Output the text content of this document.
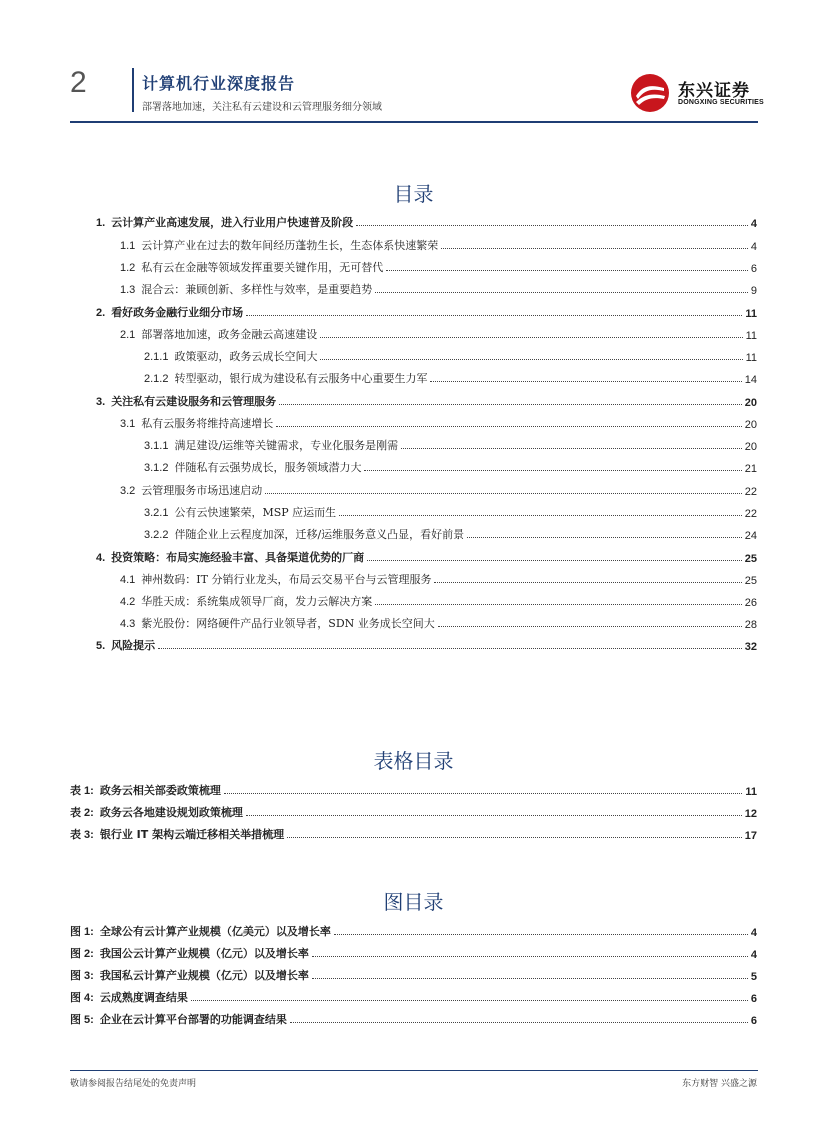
2	计算机行业深度报告
部署落地加速，关注私有云建设和云管理服务细分领域
东兴证券
DONGXING SECURITIES
目录
1. 云计算产业高速发展，进入行业用户快速普及阶段	4
1.1 云计算产业在过去的数年间经历蓬勃生长，生态体系快速繁荣	4
1.2 私有云在金融等领域发挥重要关键作用，无可替代	6
1.3 混合云：兼顾创新、多样性与效率，是重要趋势	9
2. 看好政务金融行业细分市场	11
2.1 部署落地加速，政务金融云高速建设	11
2.1.1 政策驱动，政务云成长空间大	11
2.1.2 转型驱动，银行成为建设私有云服务中心重要生力军	14
3. 关注私有云建设服务和云管理服务	20
3.1 私有云服务将维持高速增长	20
3.1.1 满足建设/运维等关键需求，专业化服务是刚需	20
3.1.2 伴随私有云强势成长，服务领域潜力大	21
3.2 云管理服务市场迅速启动	22
3.2.1 公有云快速繁荣，MSP 应运而生	22
3.2.2 伴随企业上云程度加深，迁移/运维服务意义凸显，看好前景	24
4. 投资策略：布局实施经验丰富、具备渠道优势的厂商	25
4.1 神州数码：IT 分销行业龙头，布局云交易平台与云管理服务	25
4.2 华胜天成：系统集成领导厂商，发力云解决方案	26
4.3 紫光股份：网络硬件产品行业领导者，SDN 业务成长空间大	28
5. 风险提示	32
表格目录
表 1: 政务云相关部委政策梳理	11
表 2: 政务云各地建设规划政策梳理	12
表 3: 银行业 IT 架构云端迁移相关举措梳理	17
图目录
图 1: 全球公有云计算产业规模（亿美元）以及增长率	4
图 2: 我国公云计算产业规模（亿元）以及增长率	4
图 3: 我国私云计算产业规模（亿元）以及增长率	5
图 4: 云成熟度调查结果	6
图 5: 企业在云计算平台部署的功能调查结果	6
敬请参阅报告结尾处的免责声明	东方财智 兴盛之源
